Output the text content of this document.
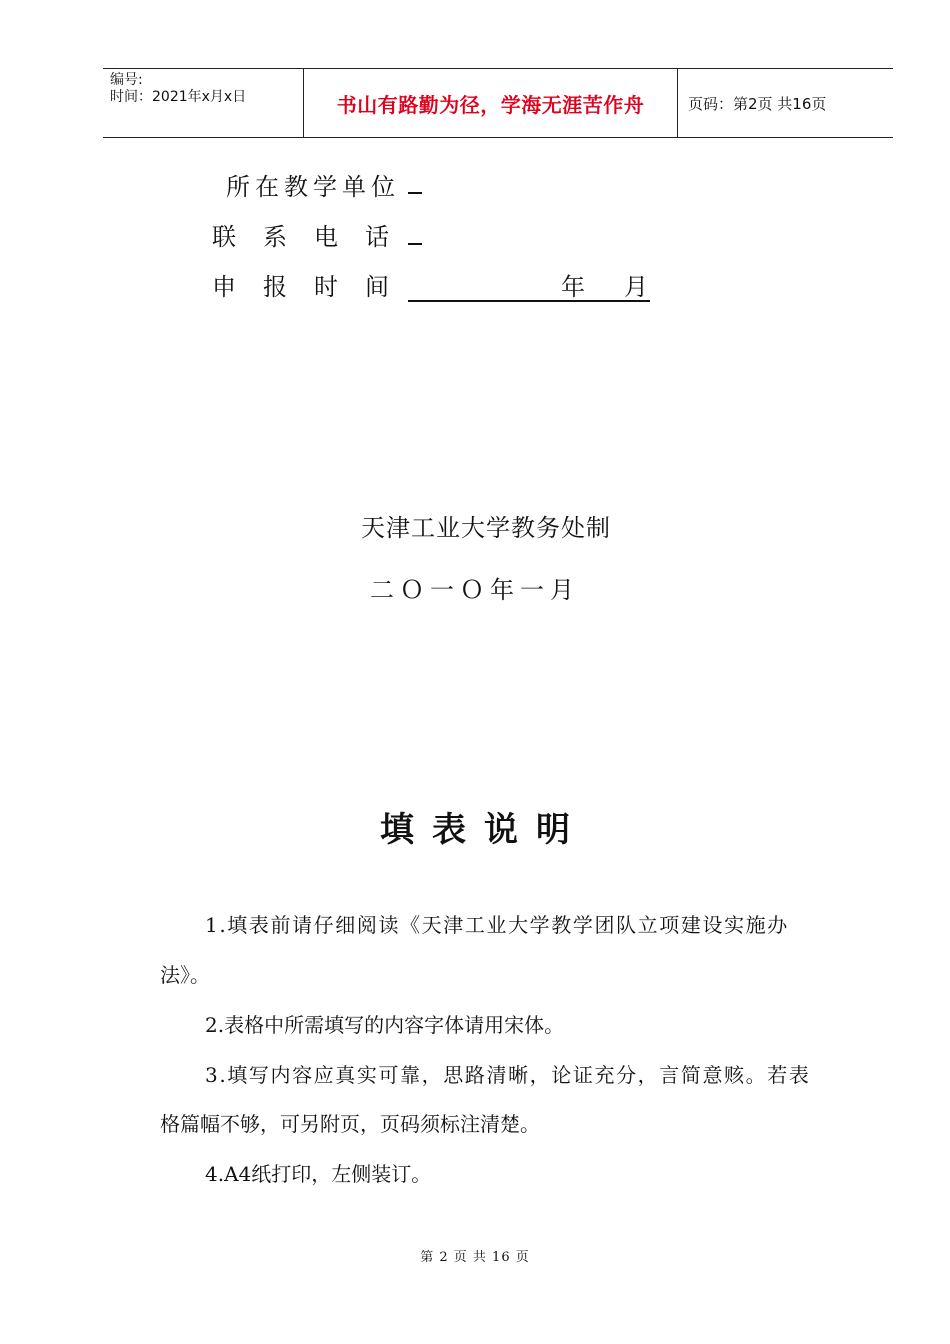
编号:
时间：2021年x月x日	书山有路勤为径，学海无涯苦作舟	页码：第2页 共16页
所在教学单位
联 系 电 话
申 报 时 间	年 月
天津工业大学教务处制
二Ｏ一Ｏ年一月
填表说明
1.填表前请仔细阅读《天津工业大学教学团队立项建设实施办
法》。
2.表格中所需填写的内容字体请用宋体。
3.填写内容应真实可靠，思路清晰，论证充分，言简意赅。若表
格篇幅不够，可另附页，页码须标注清楚。
4.A4纸打印，左侧装订。
第 2 页 共 16 页
